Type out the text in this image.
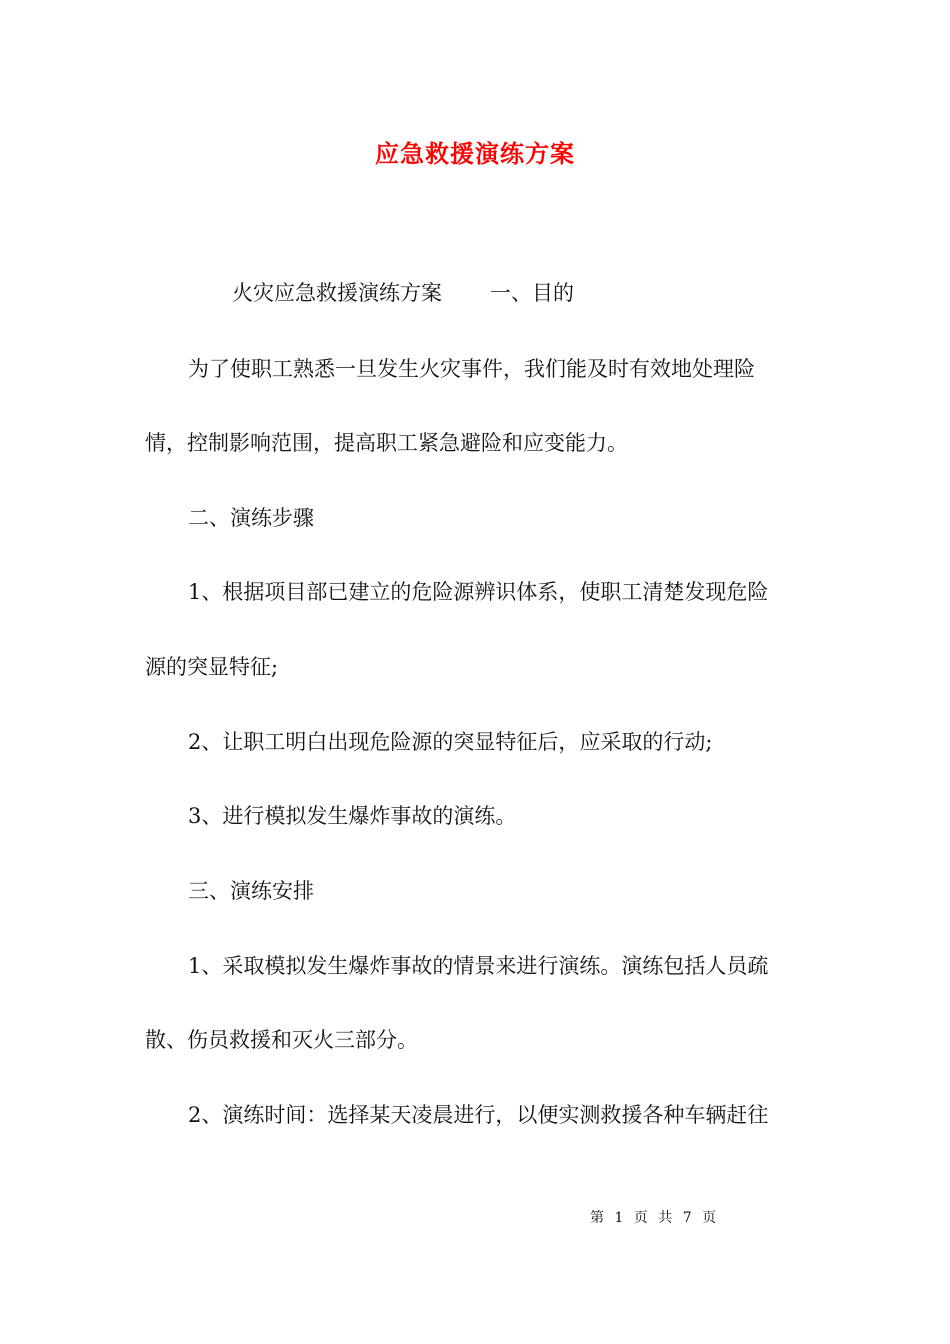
应急救援演练方案
火灾应急救援演练方案 一、目的
为了使职工熟悉一旦发生火灾事件，我们能及时有效地处理险
情，控制影响范围，提高职工紧急避险和应变能力。
二、演练步骤
1、根据项目部已建立的危险源辨识体系，使职工清楚发现危险
源的突显特征;
2、让职工明白出现危险源的突显特征后，应采取的行动;
3、进行模拟发生爆炸事故的演练。
三、演练安排
1、采取模拟发生爆炸事故的情景来进行演练。演练包括人员疏
散、伤员救援和灭火三部分。
2、演练时间：选择某天凌晨进行，以便实测救援各种车辆赶往
第 1 页 共 7 页
